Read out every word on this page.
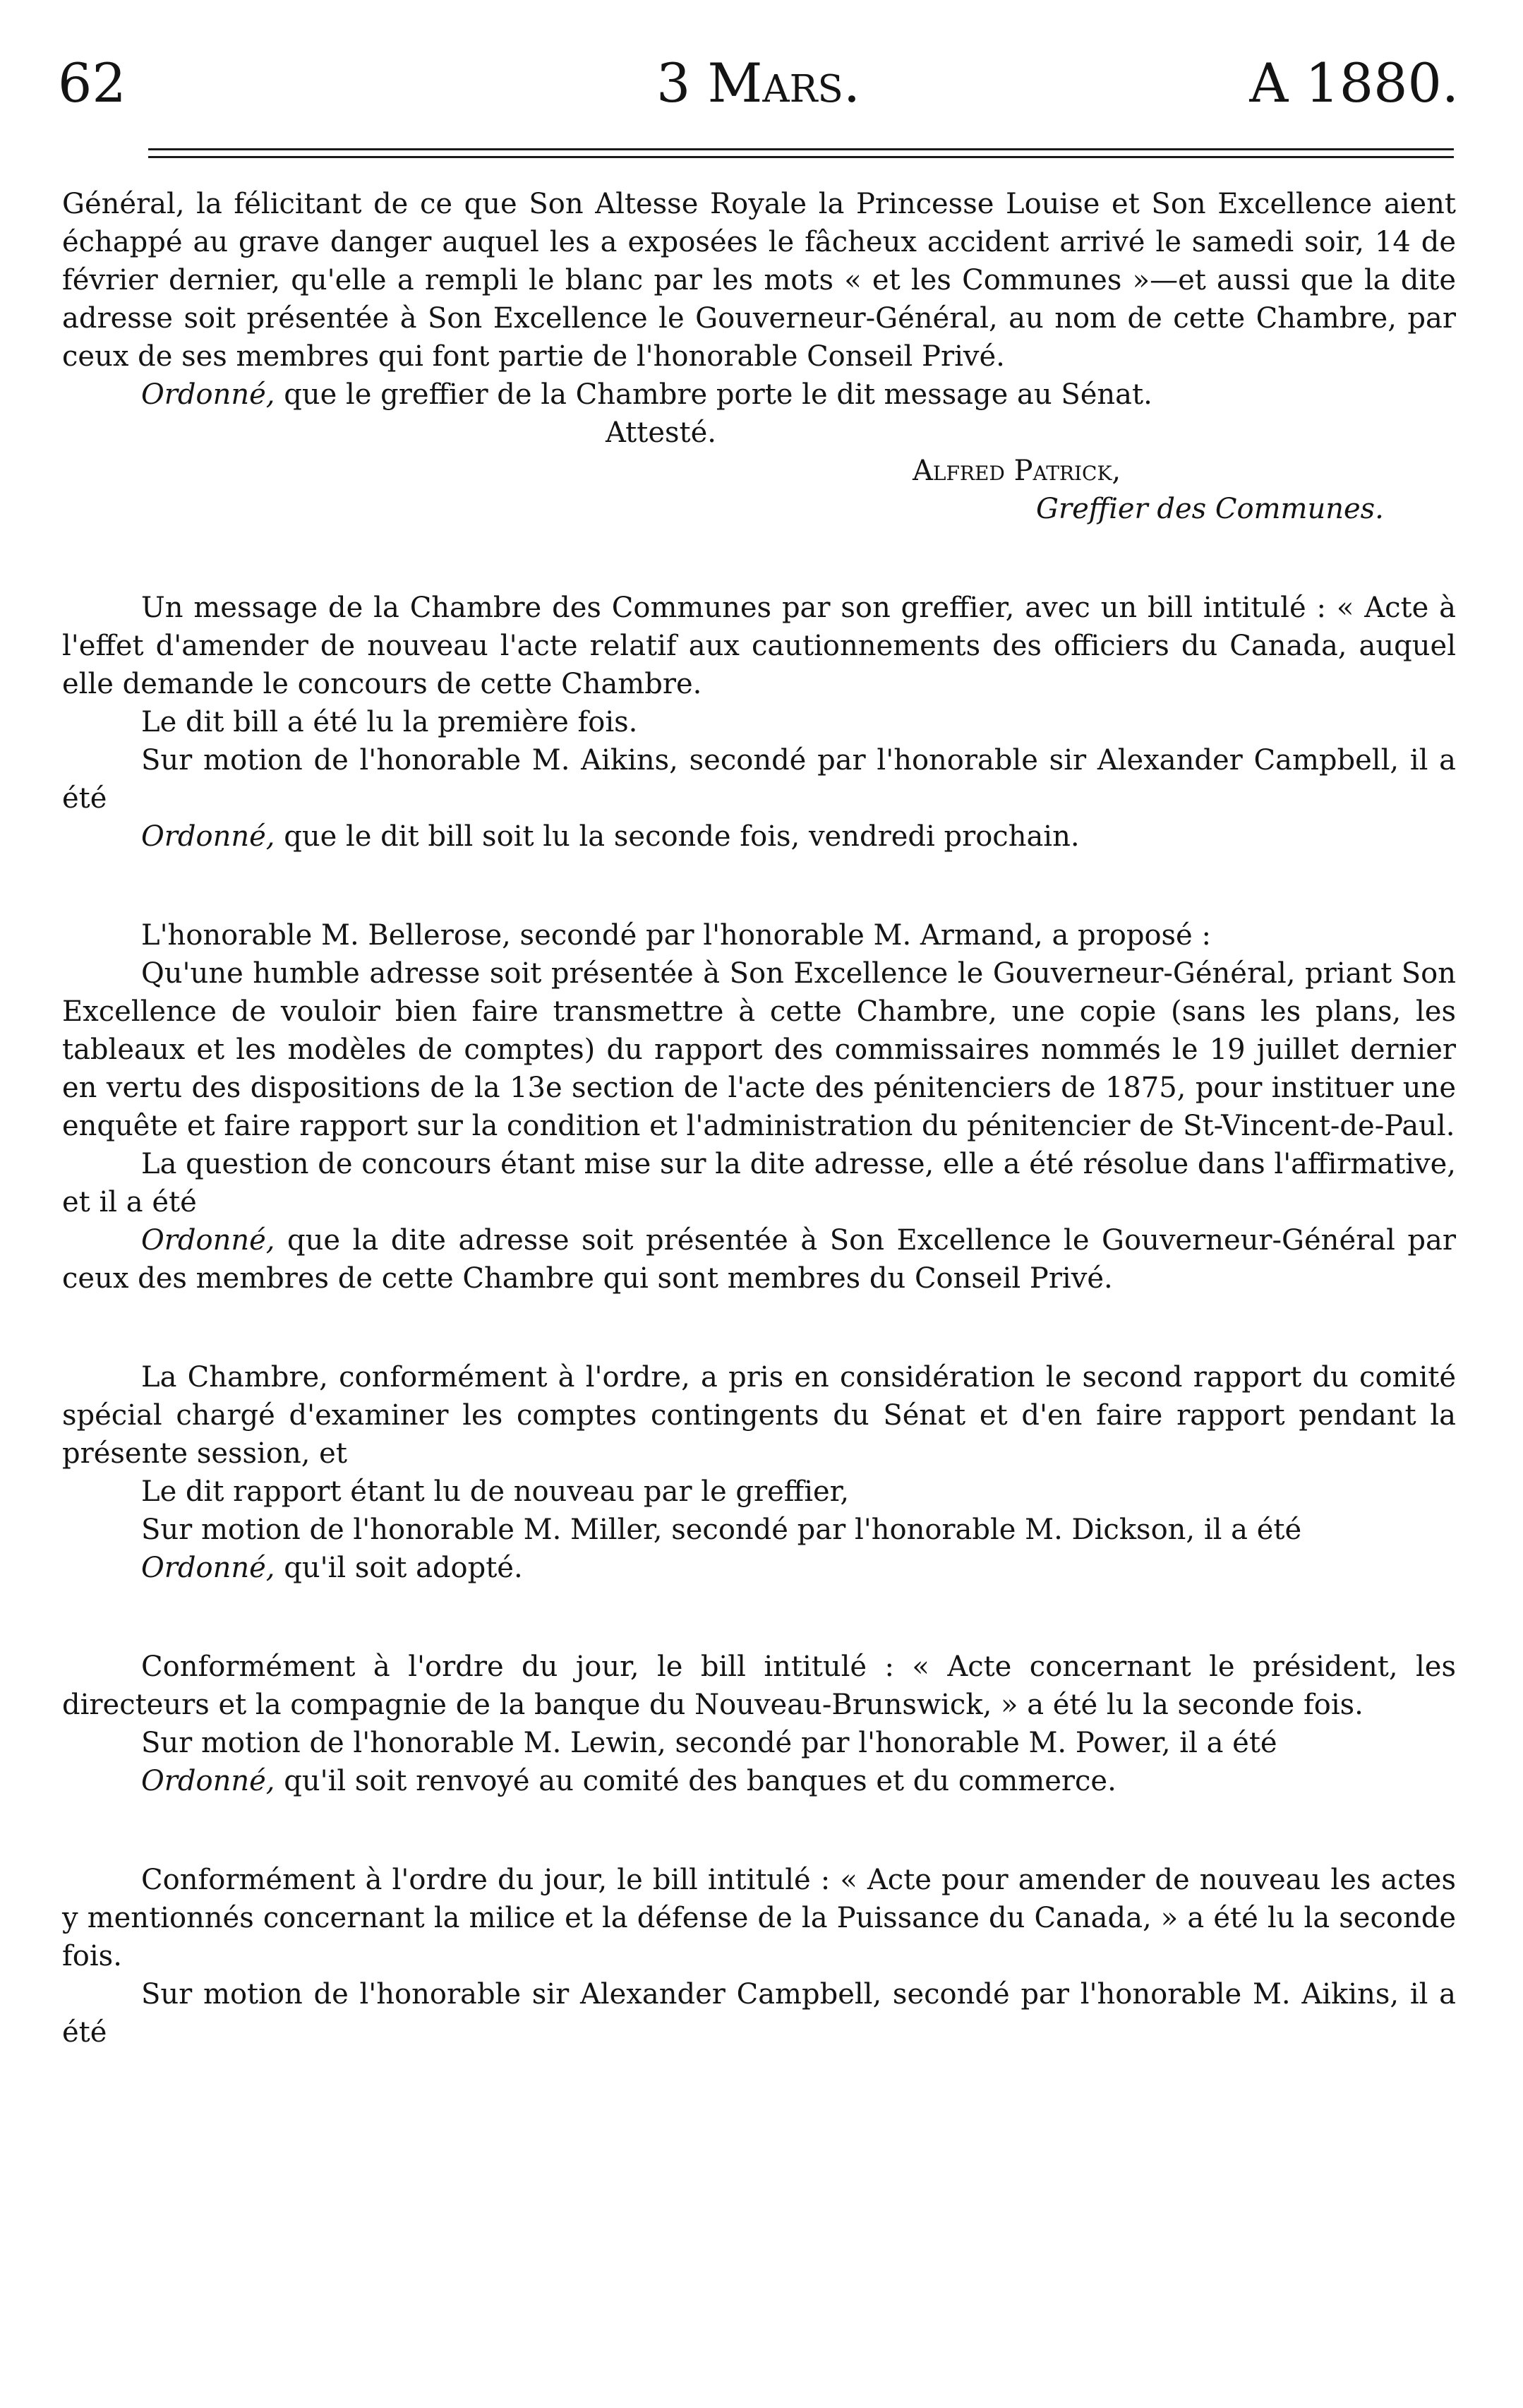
62	3 Mars.	A 1880.

Général, la félicitant de ce que Son Altesse Royale la Princesse Louise et Son Excellence aient échappé au grave danger auquel les a exposées le fâcheux accident arrivé le samedi soir, 14 de février dernier, qu'elle a rempli le blanc par les mots « et les Communes »—et aussi que la dite adresse soit présentée à Son Excellence le Gouverneur-Général, au nom de cette Chambre, par ceux de ses membres qui font partie de l'honorable Conseil Privé.

Ordonné, que le greffier de la Chambre porte le dit message au Sénat.

Attesté.

Alfred Patrick,

Greffier des Communes.

Un message de la Chambre des Communes par son greffier, avec un bill intitulé : « Acte à l'effet d'amender de nouveau l'acte relatif aux cautionnements des officiers du Canada, auquel elle demande le concours de cette Chambre.

Le dit bill a été lu la première fois.

Sur motion de l'honorable M. Aikins, secondé par l'honorable sir Alexander Campbell, il a été

Ordonné, que le dit bill soit lu la seconde fois, vendredi prochain.

L'honorable M. Bellerose, secondé par l'honorable M. Armand, a proposé :

Qu'une humble adresse soit présentée à Son Excellence le Gouverneur-Général, priant Son Excellence de vouloir bien faire transmettre à cette Chambre, une copie (sans les plans, les tableaux et les modèles de comptes) du rapport des commissaires nommés le 19 juillet dernier en vertu des dispositions de la 13e section de l'acte des pénitenciers de 1875, pour instituer une enquête et faire rapport sur la condition et l'administration du pénitencier de St-Vincent-de-Paul.

La question de concours étant mise sur la dite adresse, elle a été résolue dans l'affirmative, et il a été

Ordonné, que la dite adresse soit présentée à Son Excellence le Gouverneur-Général par ceux des membres de cette Chambre qui sont membres du Conseil Privé.

La Chambre, conformément à l'ordre, a pris en considération le second rapport du comité spécial chargé d'examiner les comptes contingents du Sénat et d'en faire rapport pendant la présente session, et

Le dit rapport étant lu de nouveau par le greffier,

Sur motion de l'honorable M. Miller, secondé par l'honorable M. Dickson, il a été

Ordonné, qu'il soit adopté.

Conformément à l'ordre du jour, le bill intitulé : « Acte concernant le président, les directeurs et la compagnie de la banque du Nouveau-Brunswick, » a été lu la seconde fois.

Sur motion de l'honorable M. Lewin, secondé par l'honorable M. Power, il a été

Ordonné, qu'il soit renvoyé au comité des banques et du commerce.

Conformément à l'ordre du jour, le bill intitulé : « Acte pour amender de nouveau les actes y mentionnés concernant la milice et la défense de la Puissance du Canada, » a été lu la seconde fois.

Sur motion de l'honorable sir Alexander Campbell, secondé par l'honorable M. Aikins, il a été
